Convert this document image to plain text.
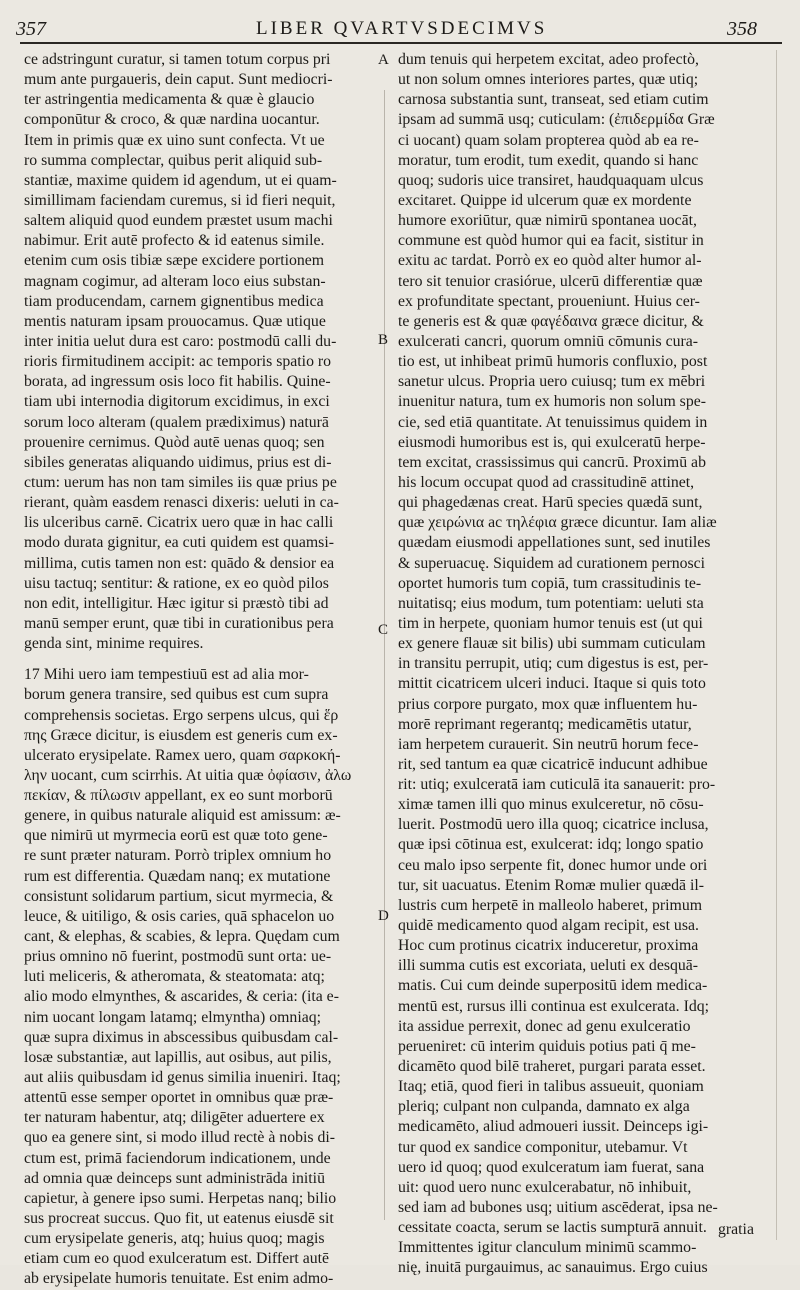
357	LIBER QVARTVSDECIMVS	358
ce adstringunt curatur, si tamen totum corpus pri
mum ante purgaueris, dein caput. Sunt mediocri-
ter astringentia medicamenta & quæ è glaucio
componūtur & croco, & quæ nardina uocantur.
Item in primis quæ ex uino sunt confecta. Vt ue
ro summa complectar, quibus perit aliquid sub-
stantiæ, maxime quidem id agendum, ut ei quam-
simillimam faciendam curemus, si id fieri nequit,
saltem aliquid quod eundem præstet usum machi
nabimur. Erit autē profecto & id eatenus simile.
etenim cum osis tibiæ sæpe excidere portionem
magnam cogimur, ad alteram loco eius substan-
tiam producendam, carnem gignentibus medica
mentis naturam ipsam prouocamus. Quæ utique
inter initia uelut dura est caro: postmodū calli du-
rioris firmitudinem accipit: ac temporis spatio ro
borata, ad ingressum osis loco fit habilis. Quine-
tiam ubi internodia digitorum excidimus, in exci
sorum loco alteram (qualem prædiximus) naturā
prouenire cernimus. Quòd autē uenas quoq; sen
sibiles generatas aliquando uidimus, prius est di-
ctum: uerum has non tam similes iis quæ prius pe
rierant, quàm easdem renasci dixeris: ueluti in ca-
lis ulceribus carnē. Cicatrix uero quæ in hac calli
modo durata gignitur, ea cuti quidem est quamsi-
millima, cutis tamen non est: quādo & densior ea
uisu tactuq; sentitur: & ratione, ex eo quòd pilos
non edit, intelligitur. Hæc igitur si præstò tibi ad
manū semper erunt, quæ tibi in curationibus pera
genda sint, minime requires.
17 Mihi uero iam tempestiuū est ad alia mor-
borum genera transire, sed quibus est cum supra
comprehensis societas. Ergo serpens ulcus, qui ἕρ
πης Græce dicitur, is eiusdem est generis cum ex-
ulcerato erysipelate. Ramex uero, quam σαρκοκή-
λην uocant, cum scirrhis. At uitia quæ ὀφίασιν, ἀλω
πεκίαν, & πίλωσιν appellant, ex eo sunt morborū
genere, in quibus naturale aliquid est amissum: æ-
que nimirū ut myrmecia eorū est quæ toto gene-
re sunt præter naturam. Porrò triplex omnium ho
rum est differentia. Quædam nanq; ex mutatione
consistunt solidarum partium, sicut myrmecia, &
leuce, & uitiligo, & osis caries, quā sphacelon uo
cant, & elephas, & scabies, & lepra. Quędam cum
prius omnino nō fuerint, postmodū sunt orta: ue-
luti meliceris, & atheromata, & steatomata: atq;
alio modo elmynthes, & ascarides, & ceria: (ita e-
nim uocant longam latamq; elmyntha) omniaq;
quæ supra diximus in abscessibus quibusdam cal-
losæ substantiæ, aut lapillis, aut osibus, aut pilis,
aut aliis quibusdam id genus similia inueniri. Itaq;
attentū esse semper oportet in omnibus quæ præ-
ter naturam habentur, atq; diligēter aduertere ex
quo ea genere sint, si modo illud rectè à nobis di-
ctum est, primā faciendorum indicationem, unde
ad omnia quæ deinceps sunt administrāda initiū
capietur, à genere ipso sumi. Herpetas nanq; bilio
sus procreat succus. Quo fit, ut eatenus eiusdē sit
cum erysipelate generis, atq; huius quoq; magis
etiam cum eo quod exulceratum est. Differt autē
ab erysipelate humoris tenuitate. Est enim admo-
A
B
C
D
dum tenuis qui herpetem excitat, adeo profectò,
ut non solum omnes interiores partes, quæ utiq;
carnosa substantia sunt, transeat, sed etiam cutim
ipsam ad summā usq; cuticulam: (ἐπιδερμίδα Græ
ci uocant) quam solam propterea quòd ab ea re-
moratur, tum erodit, tum exedit, quando si hanc
quoq; sudoris uice transiret, haudquaquam ulcus
excitaret. Quippe id ulcerum quæ ex mordente
humore exoriūtur, quæ nimirū spontanea uocāt,
commune est quòd humor qui ea facit, sistitur in
exitu ac tardat. Porrò ex eo quòd alter humor al-
tero sit tenuior crasiórue, ulcerū differentiæ quæ
ex profunditate spectant, proueniunt. Huius cer-
te generis est & quæ φαγέδαινα græce dicitur, &
exulcerati cancri, quorum omniū cōmunis cura-
tio est, ut inhibeat primū humoris confluxio, post
sanetur ulcus. Propria uero cuiusq; tum ex mēbri
inuenitur natura, tum ex humoris non solum spe-
cie, sed etiā quantitate. At tenuissimus quidem in
eiusmodi humoribus est is, qui exulceratū herpe-
tem excitat, crassissimus qui cancrū. Proximū ab
his locum occupat quod ad crassitudinē attinet,
qui phagedænas creat. Harū species quædā sunt,
quæ χειρώνια ac τηλέφια græce dicuntur. Iam aliæ
quædam eiusmodi appellationes sunt, sed inutiles
& superuacuę. Siquidem ad curationem pernosci
oportet humoris tum copiā, tum crassitudinis te-
nuitatisq; eius modum, tum potentiam: ueluti sta
tim in herpete, quoniam humor tenuis est (ut qui
ex genere flauæ sit bilis) ubi summam cuticulam
in transitu perrupit, utiq; cum digestus is est, per-
mittit cicatricem ulceri induci. Itaque si quis toto
prius corpore purgato, mox quæ influentem hu-
morē reprimant regerantq; medicamētis utatur,
iam herpetem curauerit. Sin neutrū horum fece-
rit, sed tantum ea quæ cicatricē inducunt adhibue
rit: utiq; exulceratā iam cuticulā ita sanauerit: pro-
ximæ tamen illi quo minus exulceretur, nō cōsu-
luerit. Postmodū uero illa quoq; cicatrice inclusa,
quæ ipsi cōtinua est, exulcerat: idq; longo spatio
ceu malo ipso serpente fit, donec humor unde ori
tur, sit uacuatus. Etenim Romæ mulier quædā il-
lustris cum herpetē in malleolo haberet, primum
quidē medicamento quod algam recipit, est usa.
Hoc cum protinus cicatrix induceretur, proxima
illi summa cutis est excoriata, ueluti ex desquā-
matis. Cui cum deinde superpositū idem medica-
mentū est, rursus illi continua est exulcerata. Idq;
ita assidue perrexit, donec ad genu exulceratio
perueniret: cū interim quiduis potius pati q̄ me-
dicamēto quod bilē traheret, purgari parata esset.
Itaq; etiā, quod fieri in talibus assueuit, quoniam
pleriq; culpant non culpanda, damnato ex alga
medicamēto, aliud admoueri iussit. Deinceps igi-
tur quod ex sandice componitur, utebamur. Vt
uero id quoq; quod exulceratum iam fuerat, sana
uit: quod uero nunc exulcerabatur, nō inhibuit,
sed iam ad bubones usq; uitium ascēderat, ipsa ne-
cessitate coacta, serum se lactis sumpturā annuit.
Immittentes igitur clanculum minimū scammo-
nię, inuitā purgauimus, ac sanauimus. Ergo cuius
gratia
